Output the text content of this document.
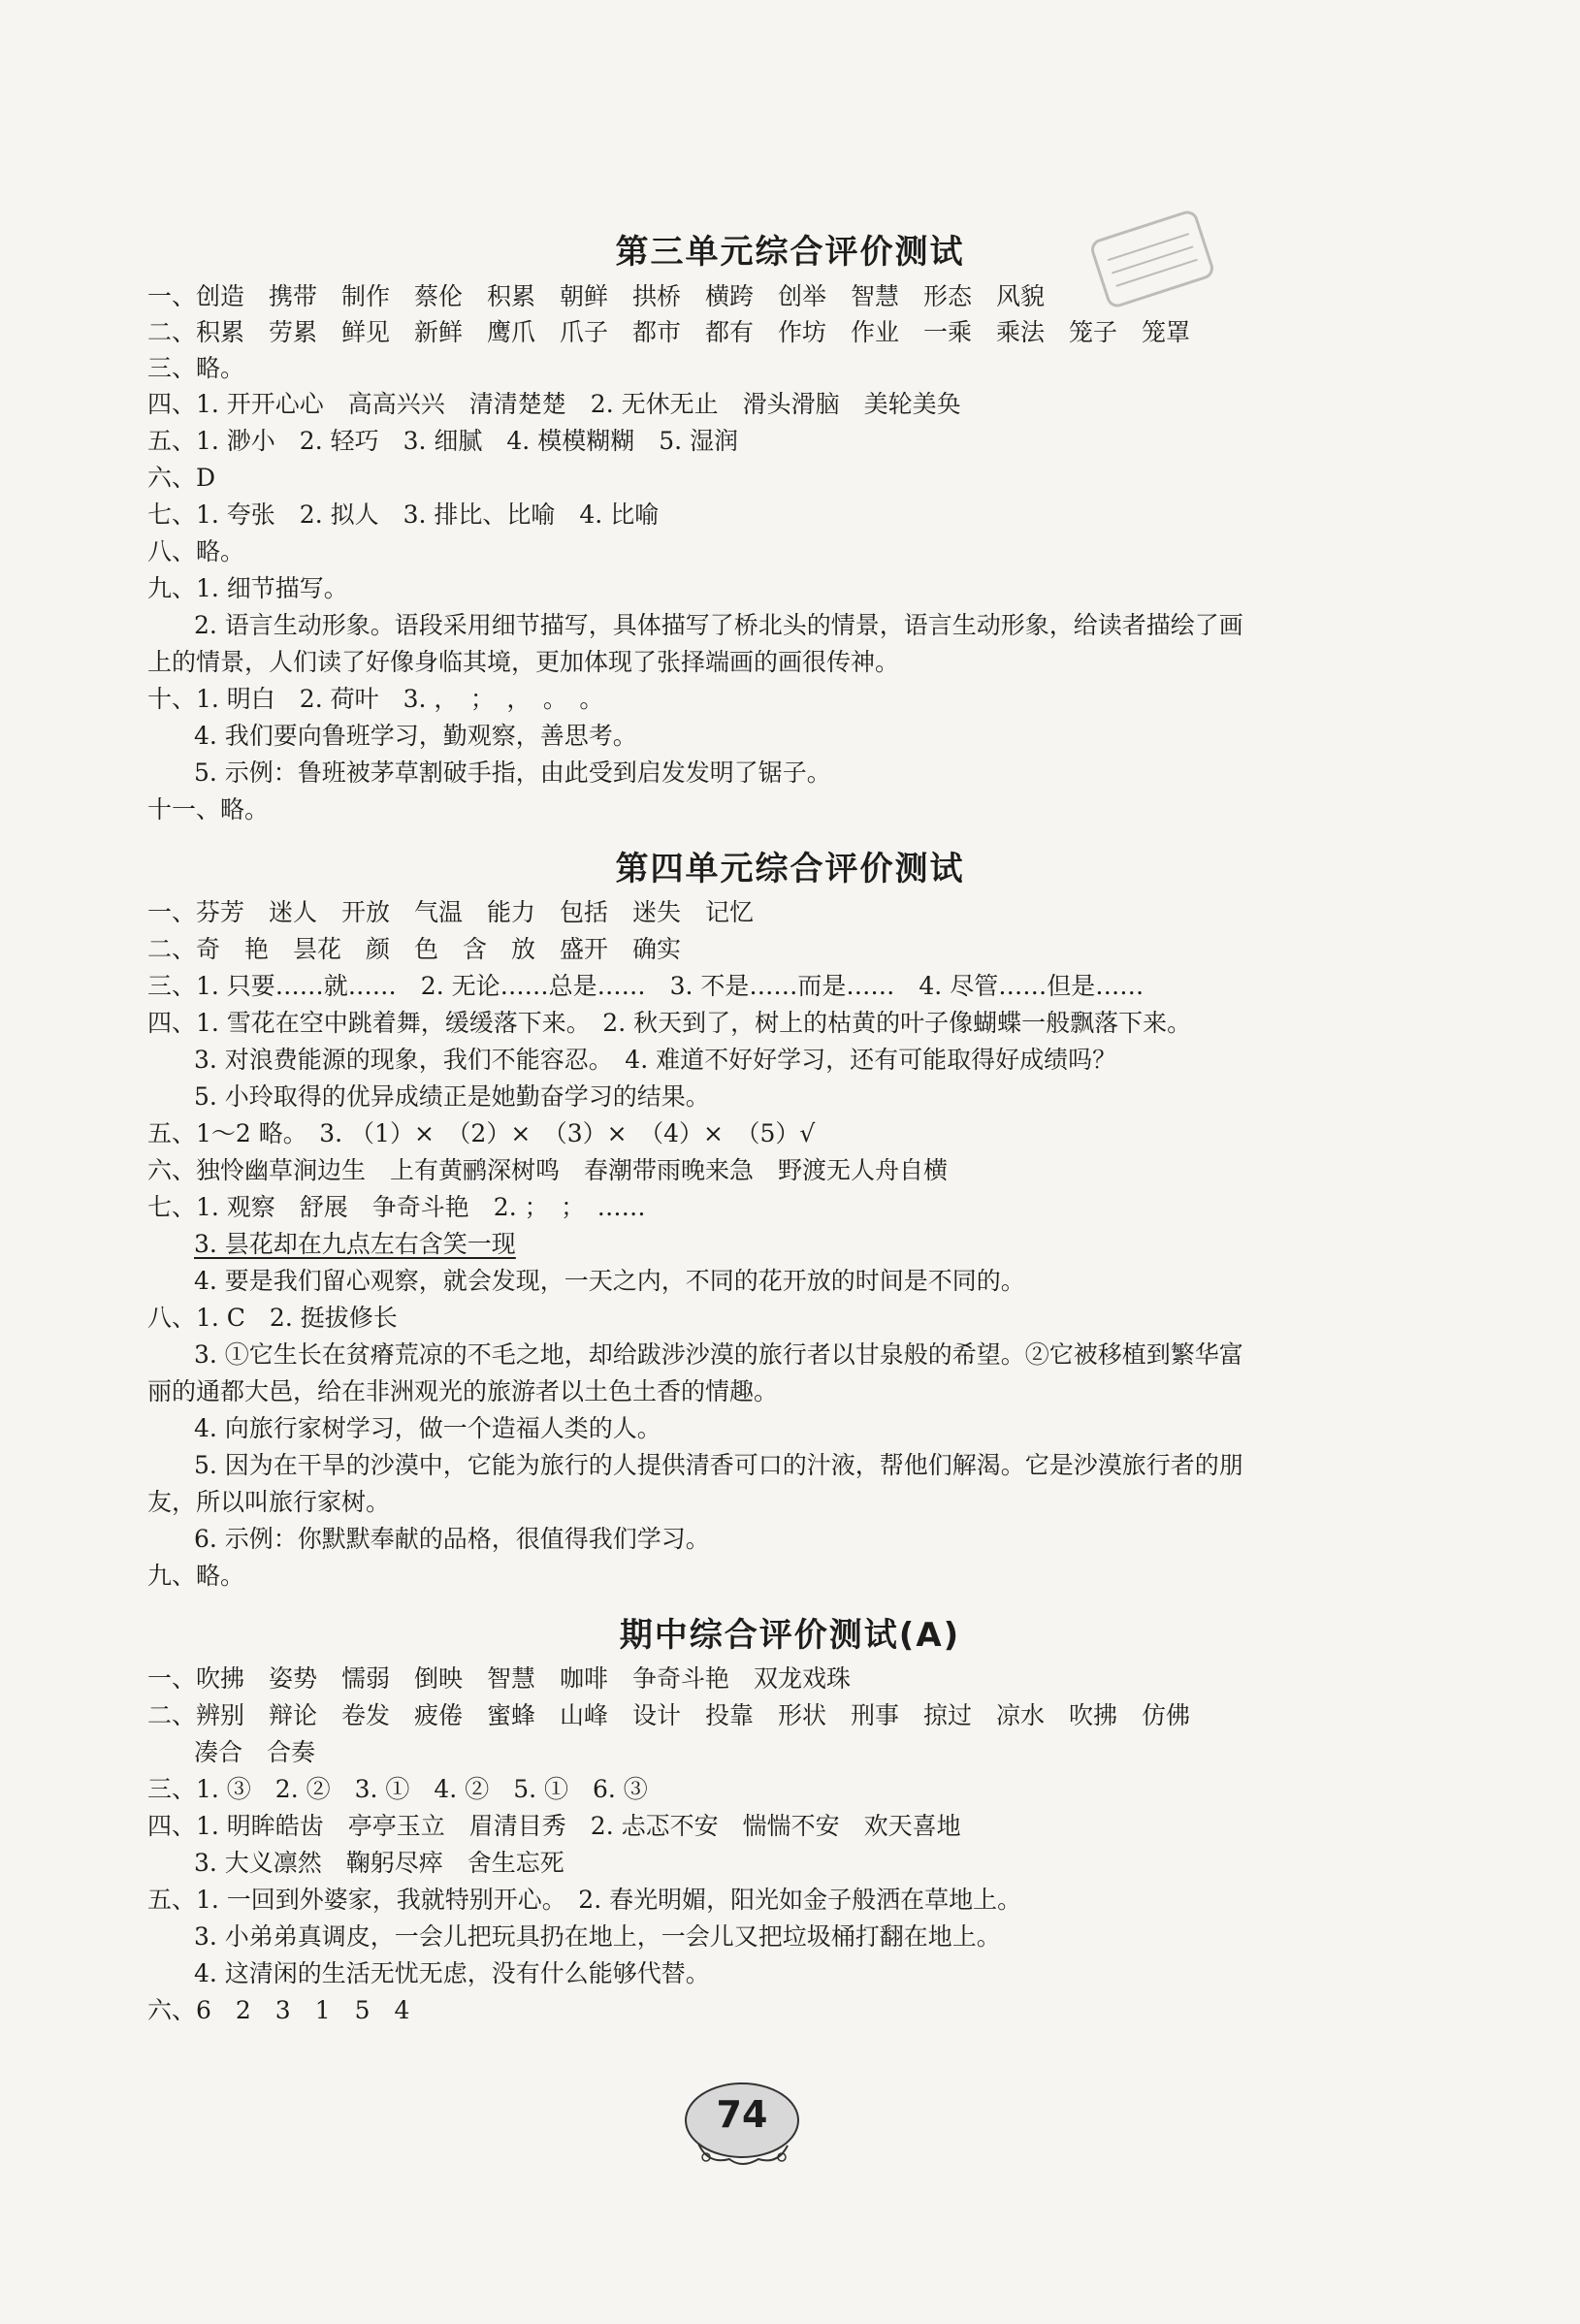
第三单元综合评价测试
一、创造　携带　制作　蔡伦　积累　朝鲜　拱桥　横跨　创举　智慧　形态　风貌
二、积累　劳累　鲜见　新鲜　鹰爪　爪子　都市　都有　作坊　作业　一乘　乘法　笼子　笼罩
三、略。
四、1. 开开心心　高高兴兴　清清楚楚　2. 无休无止　滑头滑脑　美轮美奂
五、1. 渺小　2. 轻巧　3. 细腻　4. 模模糊糊　5. 湿润
六、D
七、1. 夸张　2. 拟人　3. 排比、比喻　4. 比喻
八、略。
九、1. 细节描写。
2. 语言生动形象。语段采用细节描写，具体描写了桥北头的情景，语言生动形象，给读者描绘了画
上的情景，人们读了好像身临其境，更加体现了张择端画的画很传神。
十、1. 明白　2. 荷叶　3. ，　；　，　。　。
4. 我们要向鲁班学习，勤观察，善思考。
5. 示例：鲁班被茅草割破手指，由此受到启发发明了锯子。
十一、略。
第四单元综合评价测试
一、芬芳　迷人　开放　气温　能力　包括　迷失　记忆
二、奇　艳　昙花　颜　色　含　放　盛开　确实
三、1. 只要……就……　2. 无论……总是……　3. 不是……而是……　4. 尽管……但是……
四、1. 雪花在空中跳着舞，缓缓落下来。　2. 秋天到了，树上的枯黄的叶子像蝴蝶一般飘落下来。
3. 对浪费能源的现象，我们不能容忍。　4. 难道不好好学习，还有可能取得好成绩吗？
5. 小玲取得的优异成绩正是她勤奋学习的结果。
五、1～2 略。　3. （1）×　（2）×　（3）×　（4）×　（5）√
六、独怜幽草涧边生　上有黄鹂深树鸣　春潮带雨晚来急　野渡无人舟自横
七、1. 观察　舒展　争奇斗艳　2. ；　；　……
3. 昙花却在九点左右含笑一现
4. 要是我们留心观察，就会发现，一天之内，不同的花开放的时间是不同的。
八、1. C　2. 挺拔修长
3. ①它生长在贫瘠荒凉的不毛之地，却给跋涉沙漠的旅行者以甘泉般的希望。②它被移植到繁华富
丽的通都大邑，给在非洲观光的旅游者以土色土香的情趣。
4. 向旅行家树学习，做一个造福人类的人。
5. 因为在干旱的沙漠中，它能为旅行的人提供清香可口的汁液，帮他们解渴。它是沙漠旅行者的朋
友，所以叫旅行家树。
6. 示例：你默默奉献的品格，很值得我们学习。
九、略。
期中综合评价测试(A)
一、吹拂　姿势　懦弱　倒映　智慧　咖啡　争奇斗艳　双龙戏珠
二、辨别　辩论　卷发　疲倦　蜜蜂　山峰　设计　投靠　形状　刑事　掠过　凉水　吹拂　仿佛
凑合　合奏
三、1. ③　2. ②　3. ①　4. ②　5. ①　6. ③
四、1. 明眸皓齿　亭亭玉立　眉清目秀　2. 忐忑不安　惴惴不安　欢天喜地
3. 大义凛然　鞠躬尽瘁　舍生忘死
五、1. 一回到外婆家，我就特别开心。　2. 春光明媚，阳光如金子般洒在草地上。
3. 小弟弟真调皮，一会儿把玩具扔在地上，一会儿又把垃圾桶打翻在地上。
4. 这清闲的生活无忧无虑，没有什么能够代替。
六、6　2　3　1　5　4
74
